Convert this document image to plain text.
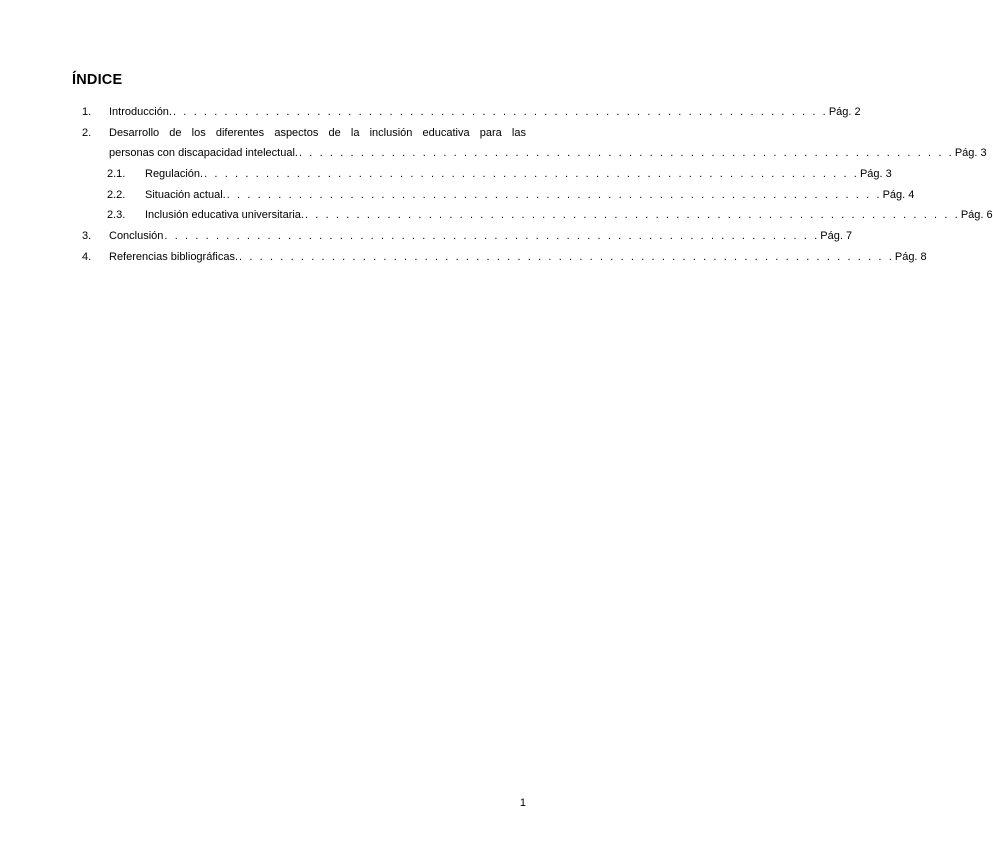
ÍNDICE
1. Introducción. . . . . . . . . . . . . . . . . . . . . . . . . . . . . . . . . . . . . . . . . . . . . . . . . . . . . . . . . . . . . . . . . Pág. 2
2. Desarrollo de los diferentes aspectos de la inclusión educativa para las
personas con discapacidad intelectual. . . . . . . . . . . . . . . . . . . . . . . . . . . . . . . . . . . . . . . . . . . . . . . . . . . . . . . . . . . . . . . . . Pág. 3
2.1. Regulación. . . . . . . . . . . . . . . . . . . . . . . . . . . . . . . . . . . . . . . . . . . . . . . . . . . . . . . . . . . . . . . . . Pág. 3
2.2. Situación actual. . . . . . . . . . . . . . . . . . . . . . . . . . . . . . . . . . . . . . . . . . . . . . . . . . . . . . . . . . . . . . . . . Pág. 4
2.3. Inclusión educativa universitaria. . . . . . . . . . . . . . . . . . . . . . . . . . . . . . . . . . . . . . . . . . . . . . . . . . . . . . . . . . . . . . . . . Pág. 6
3. Conclusión . . . . . . . . . . . . . . . . . . . . . . . . . . . . . . . . . . . . . . . . . . . . . . . . . . . . . . . . . . . . . . . . Pág. 7
4. Referencias bibliográficas. . . . . . . . . . . . . . . . . . . . . . . . . . . . . . . . . . . . . . . . . . . . . . . . . . . . . . . . . . . . . . . . . Pág. 8
1
